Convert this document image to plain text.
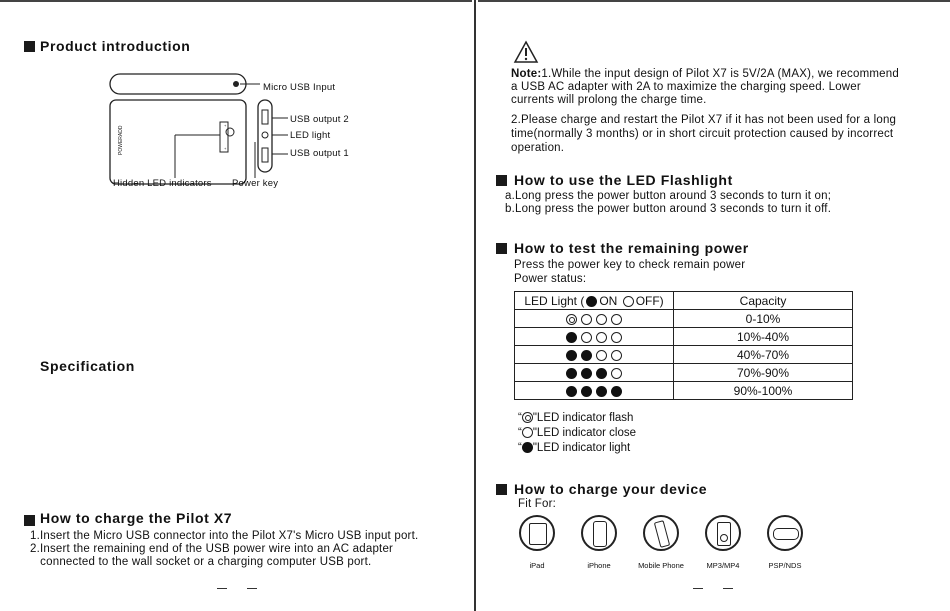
Product introduction
POWERADD
+
+
Micro USB Input
USB output 2
LED light
USB output 1
Hidden LED indicators Power key
Specification
How to charge the Pilot X7
1.Insert the Micro USB connector into the Pilot X7's Micro USB input port.
2.Insert the remaining end of the USB power wire into an AC adapter
connected to the wall socket or a charging computer USB port.
Note:1.While the input design of Pilot X7 is 5V/2A (MAX), we recommend
a USB AC adapter with 2A to maximize the charging speed. Lower
currents will prolong the charge time.
2.Please charge and restart the Pilot X7 if it has not been used for a long
time(normally 3 months) or in short circuit protection caused by incorrect
operation.
How to use the LED Flashlight
a.Long press the power button around 3 seconds to turn it on;
b.Long press the power button around 3 seconds to turn it off.
How to test the remaining power
Press the power key to check remain power
Power status:
LED Light ( ON OFF)	Capacity
	0-10%
	10%-40%
	40%-70%
	70%-90%
	90%-100%
“ "LED indicator flash
“ "LED indicator close
“ "LED indicator light
How to charge your device
Fit For:
iPad	iPhone	Mobile Phone	MP3/MP4	PSP/NDS
